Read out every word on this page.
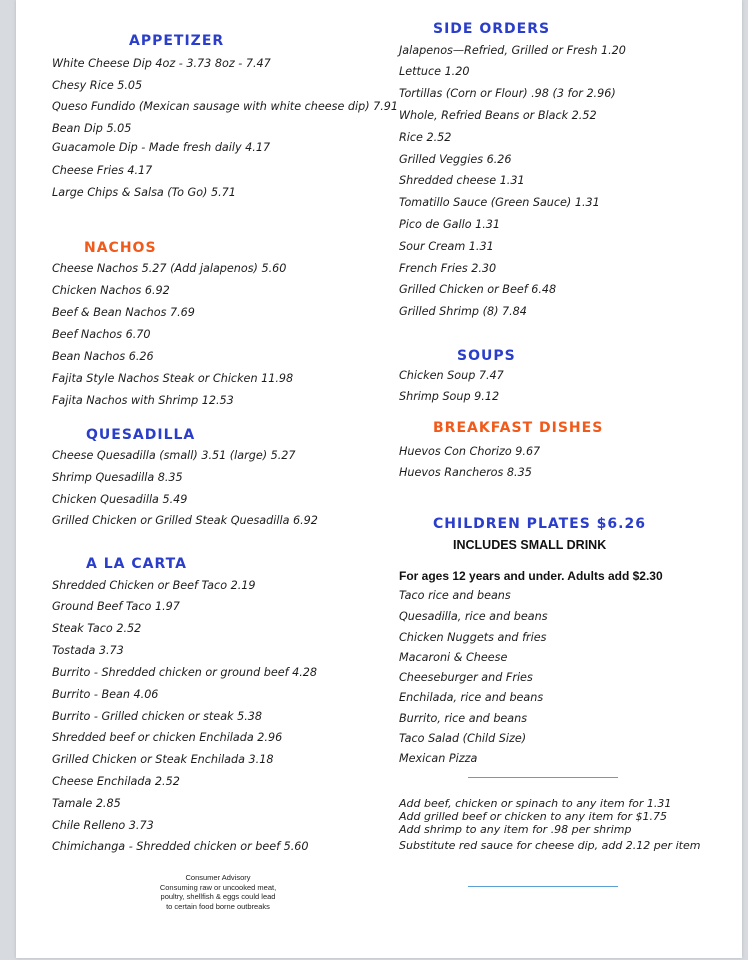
APPETIZER
White Cheese Dip 4oz - 3.73 8oz - 7.47
Chesy Rice 5.05
Queso Fundido (Mexican sausage with white cheese dip) 7.91
Bean Dip 5.05
Guacamole Dip - Made fresh daily 4.17
Cheese Fries 4.17
Large Chips & Salsa (To Go) 5.71
NACHOS
Cheese Nachos 5.27 (Add jalapenos) 5.60
Chicken Nachos 6.92
Beef & Bean Nachos 7.69
Beef Nachos 6.70
Bean Nachos 6.26
Fajita Style Nachos Steak or Chicken 11.98
Fajita Nachos with Shrimp 12.53
QUESADILLA
Cheese Quesadilla (small) 3.51 (large) 5.27
Shrimp Quesadilla 8.35
Chicken Quesadilla 5.49
Grilled Chicken or Grilled Steak Quesadilla 6.92
A LA CARTA
Shredded Chicken or Beef Taco 2.19
Ground Beef Taco 1.97
Steak Taco 2.52
Tostada 3.73
Burrito - Shredded chicken or ground beef 4.28
Burrito - Bean 4.06
Burrito - Grilled chicken or steak 5.38
Shredded beef or chicken Enchilada 2.96
Grilled Chicken or Steak Enchilada 3.18
Cheese Enchilada 2.52
Tamale 2.85
Chile Relleno 3.73
Chimichanga - Shredded chicken or beef 5.60
Consumer Advisory
Consuming raw or uncooked meat,
poultry, shellfish & eggs could lead
to certain food borne outbreaks
SIDE ORDERS
Jalapenos—Refried, Grilled or Fresh 1.20
Lettuce 1.20
Tortillas (Corn or Flour) .98 (3 for 2.96)
Whole, Refried Beans or Black 2.52
Rice 2.52
Grilled Veggies 6.26
Shredded cheese 1.31
Tomatillo Sauce (Green Sauce) 1.31
Pico de Gallo 1.31
Sour Cream 1.31
French Fries 2.30
Grilled Chicken or Beef 6.48
Grilled Shrimp (8) 7.84
SOUPS
Chicken Soup 7.47
Shrimp Soup 9.12
BREAKFAST DISHES
Huevos Con Chorizo 9.67
Huevos Rancheros 8.35
CHILDREN PLATES $6.26
INCLUDES SMALL DRINK
For ages 12 years and under. Adults add $2.30
Taco rice and beans
Quesadilla, rice and beans
Chicken Nuggets and fries
Macaroni & Cheese
Cheeseburger and Fries
Enchilada, rice and beans
Burrito, rice and beans
Taco Salad (Child Size)
Mexican Pizza
Add beef, chicken or spinach to any item for 1.31
Add grilled beef or chicken to any item for $1.75
Add shrimp to any item for .98 per shrimp
Substitute red sauce for cheese dip, add 2.12 per item
